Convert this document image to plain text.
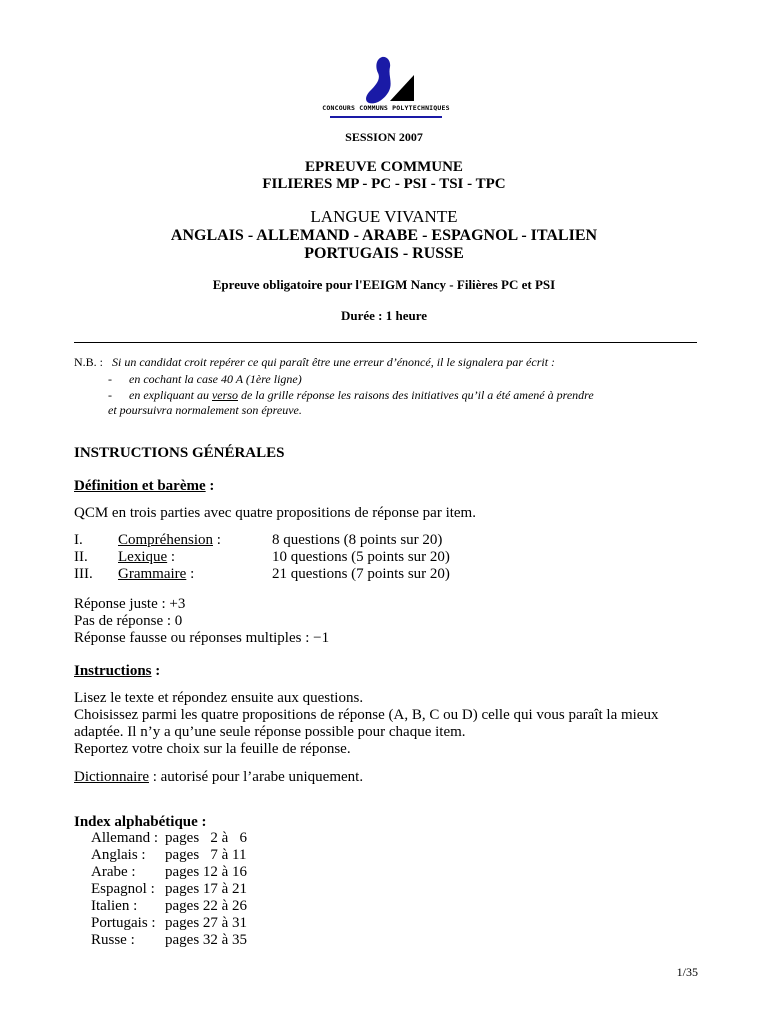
CONCOURS COMMUNS POLYTECHNIQUES
SESSION 2007
EPREUVE COMMUNE
FILIERES MP - PC - PSI - TSI - TPC
LANGUE VIVANTE
ANGLAIS - ALLEMAND - ARABE - ESPAGNOL - ITALIEN
PORTUGAIS - RUSSE
Epreuve obligatoire pour l'EEIGM Nancy - Filières PC et PSI
Durée : 1 heure
N.B. : Si un candidat croit repérer ce qui paraît être une erreur d’énoncé, il le signalera par écrit :
- en cochant la case 40 A (1ère ligne)
- en expliquant au verso de la grille réponse les raisons des initiatives qu’il a été amené à prendre
et poursuivra normalement son épreuve.
INSTRUCTIONS GÉNÉRALES
Définition et barème :
QCM en trois parties avec quatre propositions de réponse par item.
I.	Compréhension :	8 questions (8 points sur 20)
II.	Lexique :	10 questions (5 points sur 20)
III.	Grammaire :	21 questions (7 points sur 20)
Réponse juste : +3
Pas de réponse : 0
Réponse fausse ou réponses multiples : −1
Instructions :
Lisez le texte et répondez ensuite aux questions.
Choisissez parmi les quatre propositions de réponse (A, B, C ou D) celle qui vous paraît la mieux
adaptée. Il n’y a qu’une seule réponse possible pour chaque item.
Reportez votre choix sur la feuille de réponse.
Dictionnaire : autorisé pour l’arabe uniquement.
Index alphabétique :
Allemand : pages   2 à   6
Anglais :	pages   7 à 11
Arabe :	pages 12 à 16
Espagnol : pages 17 à 21
Italien :	pages 22 à 26
Portugais : pages 27 à 31
Russe :	pages 32 à 35
1/35
